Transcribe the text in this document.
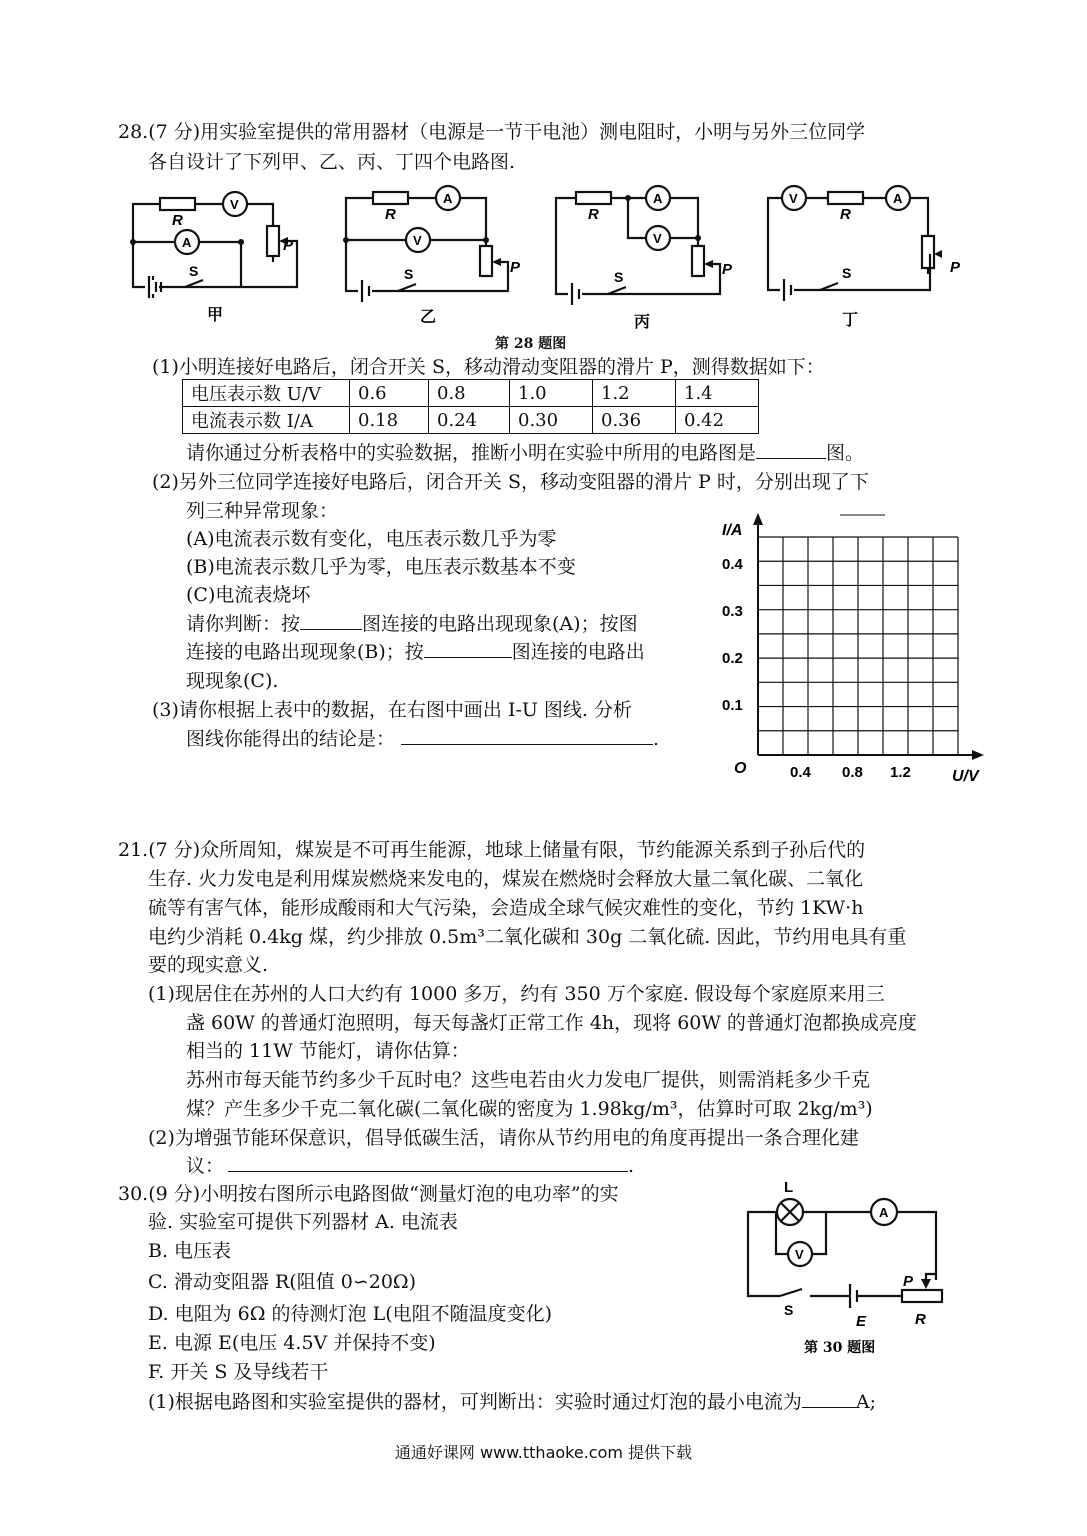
28.(7 分)用实验室提供的常用器材（电源是一节干电池）测电阻时，小明与另外三位同学
各自设计了下列甲、乙、丙、丁四个电路图.
R
V
A
S
P
甲
R
A
V
S	P
乙
R
A
V
S	P
丙
V
R
A
S	P
丁
第 28 题图
(1)小明连接好电路后，闭合开关 S，移动滑动变阻器的滑片 P，测得数据如下：
电压表示数 U/V	0.6	0.8	1.0	1.2	1.4
电流表示数 I/A	0.18	0.24	0.30	0.36	0.42
请你通过分析表格中的实验数据，推断小明在实验中所用的电路图是	图。
(2)另外三位同学连接好电路后，闭合开关 S，移动变阻器的滑片 P 时，分别出现了下
列三种异常现象：
(A)电流表示数有变化，电压表示数几乎为零
(B)电流表示数几乎为零，电压表示数基本不变
(C)电流表烧坏
请你判断：按	图连接的电路出现现象(A)；按图
连接的电路出现现象(B)；按	图连接的电路出
现现象(C).
(3)请你根据上表中的数据，在右图中画出 I-U 图线. 分析
图线你能得出的结论是：	.
I/A
U/V
O
0.4
0.3
0.2
0.1
0.4 0.8 1.2
21.(7 分)众所周知，煤炭是不可再生能源，地球上储量有限，节约能源关系到子孙后代的
生存. 火力发电是利用煤炭燃烧来发电的，煤炭在燃烧时会释放大量二氧化碳、二氧化
硫等有害气体，能形成酸雨和大气污染，会造成全球气候灾难性的变化，节约 1KW·h
电约少消耗 0.4kg 煤，约少排放 0.5m³二氧化碳和 30g 二氧化硫. 因此，节约用电具有重
要的现实意义.
(1)现居住在苏州的人口大约有 1000 多万，约有 350 万个家庭. 假设每个家庭原来用三
盏 60W 的普通灯泡照明，每天每盏灯正常工作 4h，现将 60W 的普通灯泡都换成亮度
相当的 11W 节能灯，请你估算：
苏州市每天能节约多少千瓦时电？这些电若由火力发电厂提供，则需消耗多少千克
煤？产生多少千克二氧化碳(二氧化碳的密度为 1.98kg/m³，估算时可取 2kg/m³)
(2)为增强节能环保意识，倡导低碳生活，请你从节约用电的角度再提出一条合理化建
议：	.
30.(9 分)小明按右图所示电路图做“测量灯泡的电功率”的实
验. 实验室可提供下列器材 A. 电流表
B. 电压表
C. 滑动变阻器 R(阻值 0∽20Ω)
D. 电阻为 6Ω 的待测灯泡 L(电阻不随温度变化)
E. 电源 E(电压 4.5V 并保持不变)
F. 开关 S 及导线若干
(1)根据电路图和实验室提供的器材，可判断出：实验时通过灯泡的最小电流为	A;
L
A
V
S
E
P
R
第 30 题图
通通好课网 www.tthaoke.com 提供下载
